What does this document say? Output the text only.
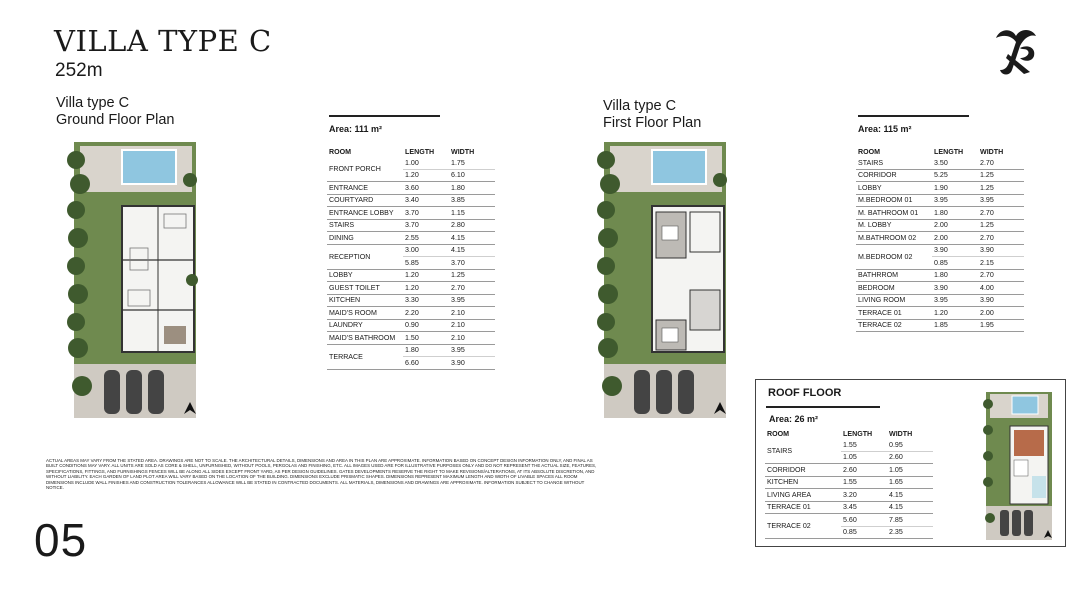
VILLA TYPE C
252m
Villa type C
Ground Floor Plan
Area: 111 m²
ROOM	LENGTH	WIDTH
FRONT PORCH	1.00	1.75
	1.20	6.10
ENTRANCE	3.60	1.80
COURTYARD	3.40	3.85
ENTRANCE LOBBY	3.70	1.15
STAIRS	3.70	2.80
DINING	2.55	4.15
RECEPTION	3.00	4.15
	5.85	3.70
LOBBY	1.20	1.25
GUEST TOILET	1.20	2.70
KITCHEN	3.30	3.95
MAID'S ROOM	2.20	2.10
LAUNDRY	0.90	2.10
MAID'S BATHROOM	1.50	2.10
TERRACE	1.80	3.95
	6.60	3.90
Villa type C
First Floor Plan	Area: 115 m²
ROOM	LENGTH	WIDTH
STAIRS	3.50	2.70
CORRIDOR	5.25	1.25
LOBBY	1.90	1.25
M.BEDROOM 01	3.95	3.95
M. BATHROOM 01	1.80	2.70
M. LOBBY	2.00	1.25
M.BATHROOM 02	2.00	2.70
M.BEDROOM 02	3.90	3.90
	0.85	2.15
BATHRROM	1.80	2.70
BEDROOM	3.90	4.00
LIVING ROOM	3.95	3.90
TERRACE 01	1.20	2.00
TERRACE 02	1.85	1.95
ROOF FLOOR
Area: 26 m²
ROOM	LENGTH	WIDTH
STAIRS	1.55	0.95
	1.05	2.60
CORRIDOR	2.60	1.05
KITCHEN	1.55	1.65
LIVING AREA	3.20	4.15
TERRACE 01	3.45	4.15
TERRACE 02	5.60	7.85
	0.85	2.35
ACTUAL AREAS MAY VARY FROM THE STATED AREA. DRAWINGS ARE NOT TO SCALE. THE ARCHITECTURAL DETAILS, DIMENSIONS AND AREA IN THIS PLAN ARE APPROXIMATE. INFORMATION BASED ON CONCEPT DESIGN INFORMATION ONLY, AND FINAL AS BUILT CONDITIONS MAY VARY. ALL UNITS ARE SOLD AS CORE & SHELL, UNFURNISHED, WITHOUT POOLS, PERGOLAS AND FINISHING, ETC. ALL IMAGES USED ARE FOR ILLUSTRATIVE PURPOSES ONLY AND DO NOT REPRESENT THE ACTUAL SIZE, FEATURES, SPECIFICATIONS, FITTINGS, AND FURNISHINGS FENCES WILL BE ALONG ALL SIDES EXCEPT FRONT YARD, AS PER DESIGN GUIDELINES. GATES DEVELOPMENTS RESERVE THE RIGHT TO MAKE REVISIONS/ALTERATIONS, AT ITS ABSOLUTE DISCRETION, AND WITHOUT LIABILITY. EACH GARDEN OF LAND PLOT AREA WILL VARY BASED ON THE LOCATION OF THE BUILDING. DIMENSIONS EXCLUDE PRISMATIC SHAPES. DIMENSIONS REPRESENT MAXIMUM LENGTH AND WIDTH OF LIVABLE SPACES ALL ROOM DIMENSIONS INCLUDE WALL FINISHES AND CONSTRUCTION TOLERANCES ALLOWANCE WILL BE STATED IN CONTRACTED DOCUMENTS. ALL MATERIALS, DIMENSIONS AND DRAWINGS ARE APPROXIMATE. INFORMATION SUBJECT TO CHANGE WITHOUT NOTICE.
05
